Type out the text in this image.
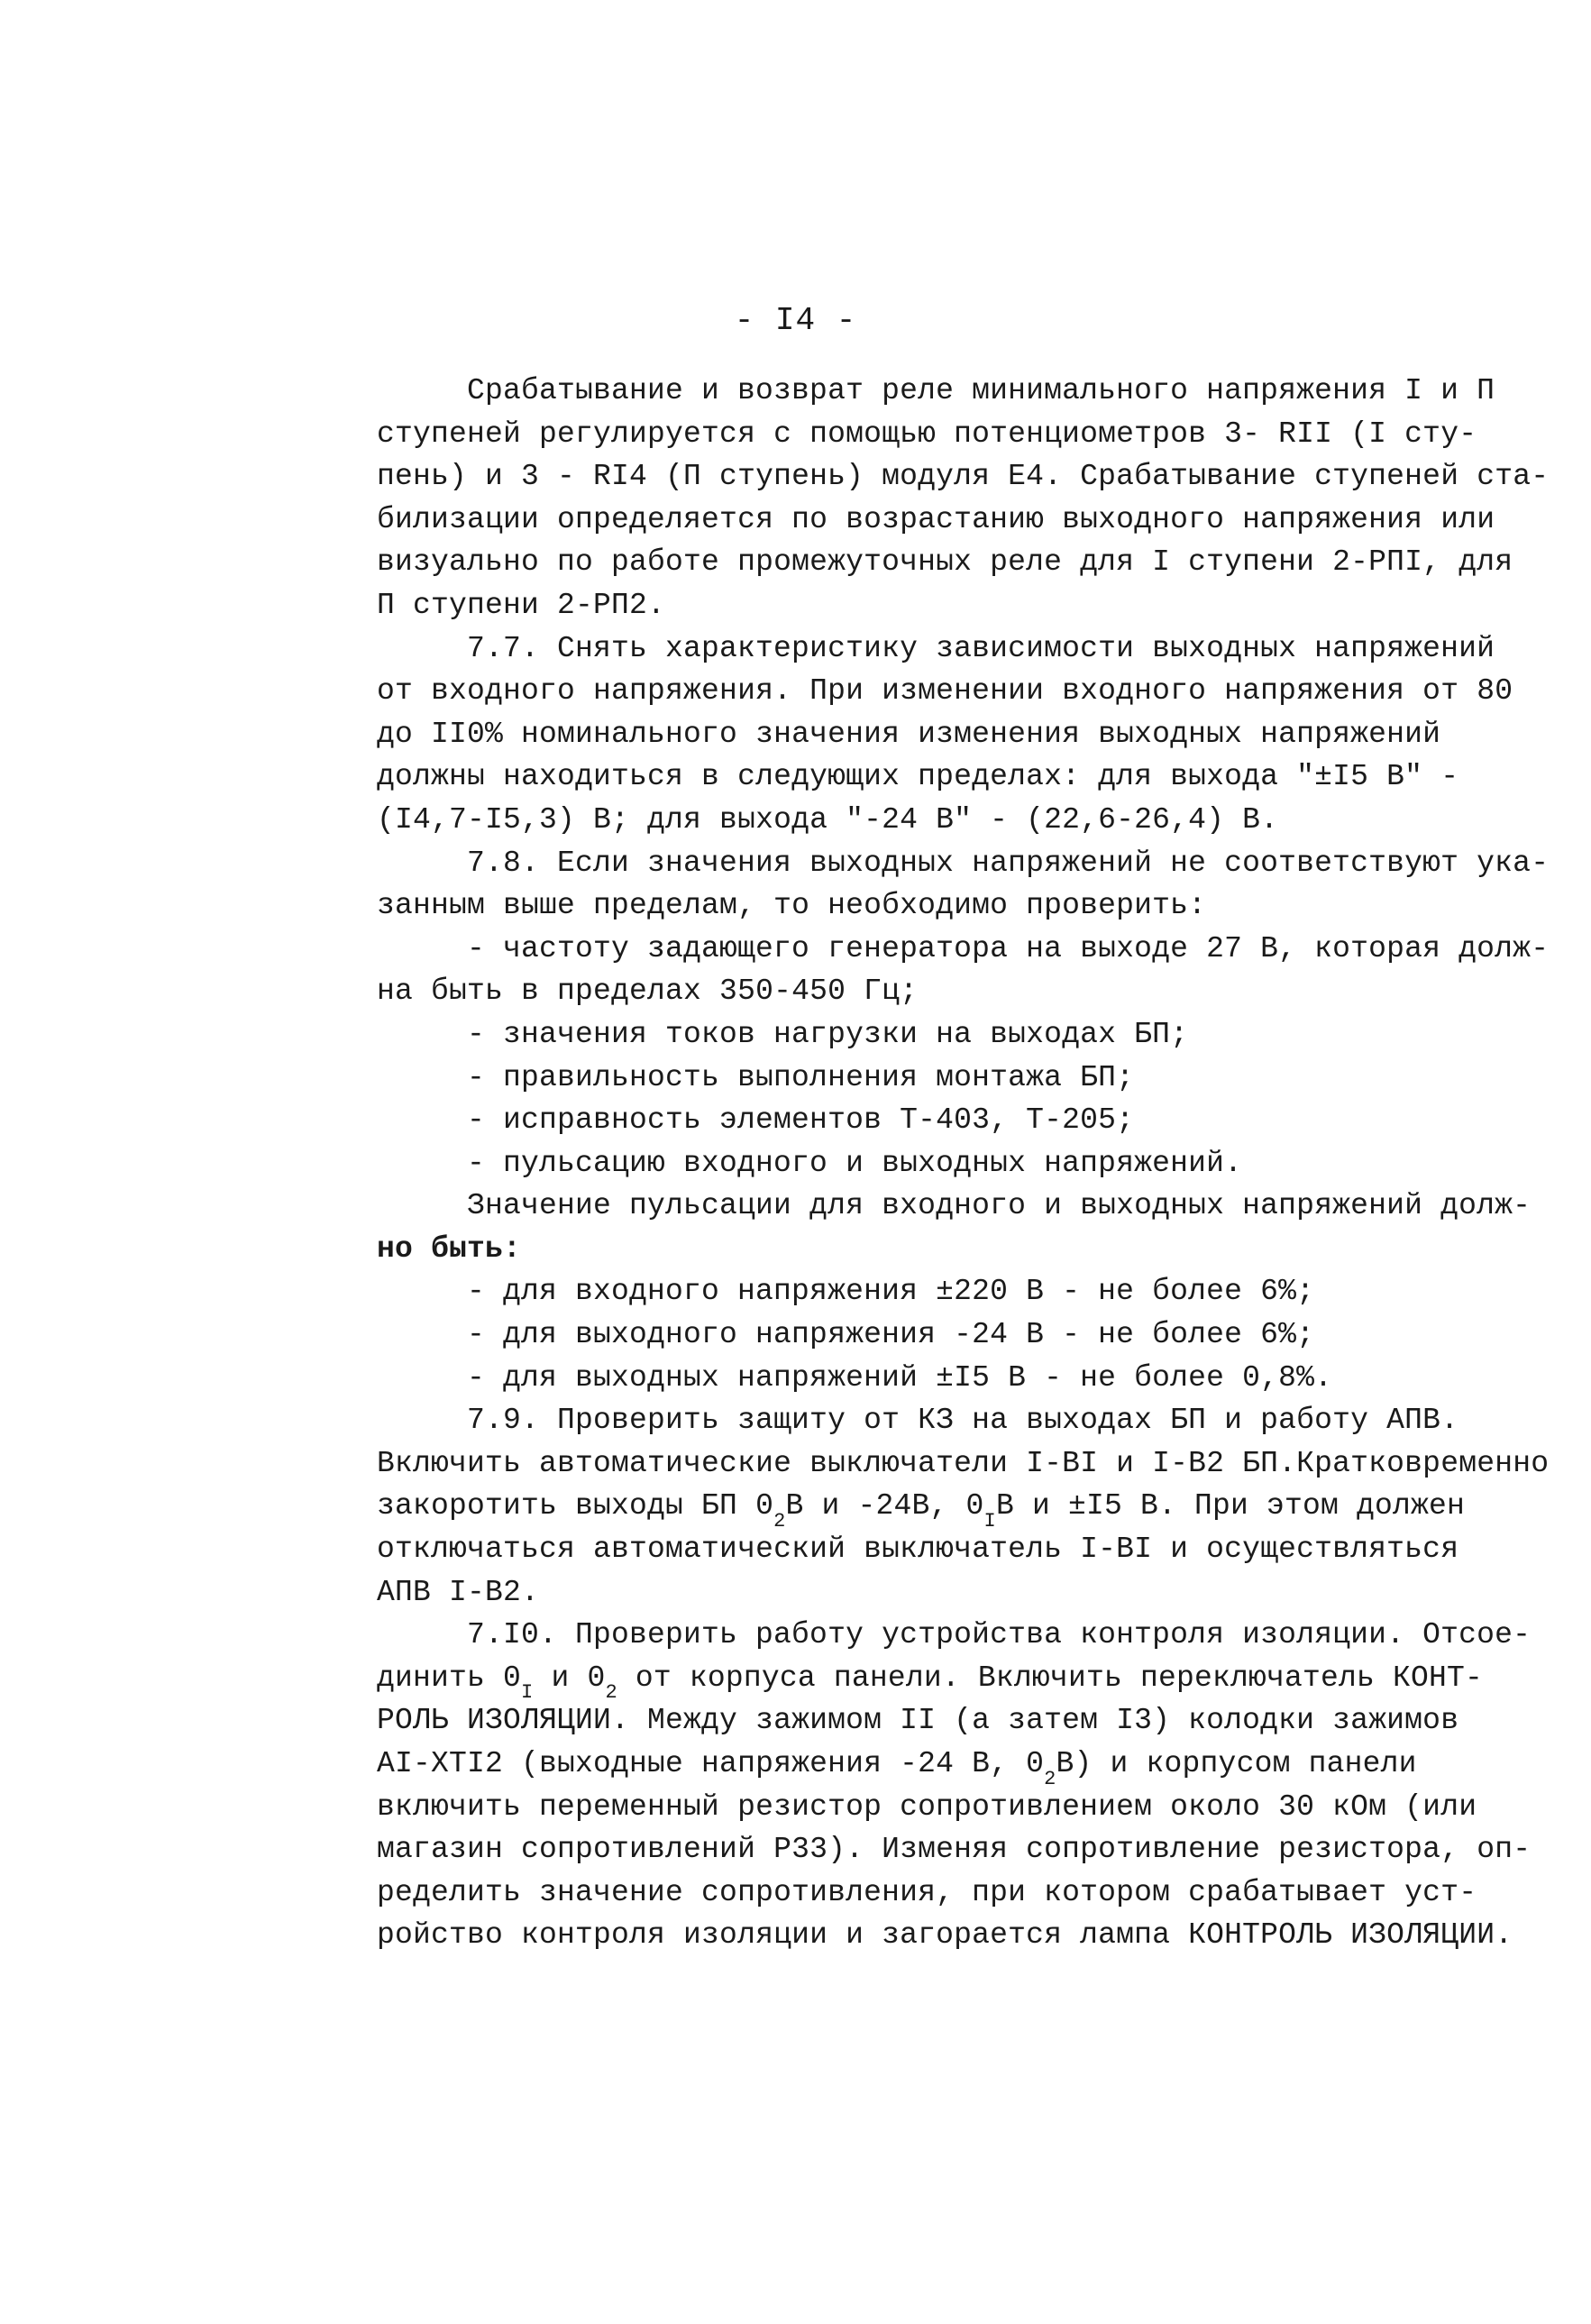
- I4 -
Срабатывание и возврат реле минимального напряжения I и П
ступеней регулируется с помощью потенциометров 3- RII (I сту-
пень) и 3 - RI4 (П ступень) модуля Е4. Срабатывание ступеней ста-
билизации определяется по возрастанию выходного напряжения или
визуально по работе промежуточных реле для I ступени 2-РПI, для
П ступени 2-РП2.
7.7. Снять характеристику зависимости выходных напряжений
от входного напряжения. При изменении входного напряжения от 80
до II0% номинального значения изменения выходных напряжений
должны находиться в следующих пределах: для выхода "±I5 В" -
(I4,7-I5,3) В; для выхода "-24 В" - (22,6-26,4) В.
7.8. Если значения выходных напряжений не соответствуют ука-
занным выше пределам, то необходимо проверить:
- частоту задающего генератора на выходе 27 В, которая долж-
на быть в пределах 350-450 Гц;
- значения токов нагрузки на выходах БП;
- правильность выполнения монтажа БП;
- исправность элементов Т-403, Т-205;
- пульсацию входного и выходных напряжений.
Значение пульсации для входного и выходных напряжений долж-
но быть:
- для входного напряжения ±220 В - не более 6%;
- для выходного напряжения -24 В - не более 6%;
- для выходных напряжений ±I5 В - не более 0,8%.
7.9. Проверить защиту от КЗ на выходах БП и работу АПВ.
Включить автоматические выключатели I-BI и I-B2 БП.Кратковременно
закоротить выходы БП $0_2В$ и -24В, $0_IВ$ и ±I5 В. При этом должен
отключаться автоматический выключатель I-BI и осуществляться
АПВ I-B2.
7.I0. Проверить работу устройства контроля изоляции. Отсое-
динить $0_I$ и $0_2$ от корпуса панели. Включить переключатель КОНТ-
РОЛЬ ИЗОЛЯЦИИ. Между зажимом II (а затем I3) колодки зажимов
AI-XTI2 (выходные напряжения -24 В, $0_2В$) и корпусом панели
включить переменный резистор сопротивлением около 30 кОм (или
магазин сопротивлений Р33). Изменяя сопротивление резистора, оп-
ределить значение сопротивления, при котором срабатывает уст-
ройство контроля изоляции и загорается лампа КОНТРОЛЬ ИЗОЛЯЦИИ.
